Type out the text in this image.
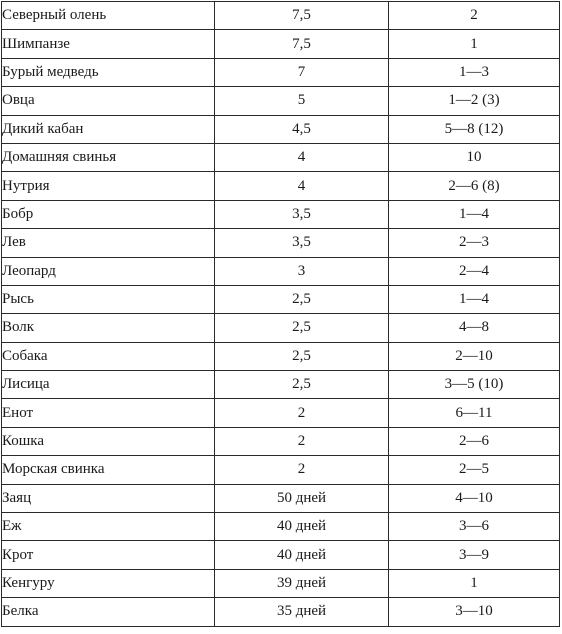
Северный олень	7,5	2
Шимпанзе	7,5	1
Бурый медведь	7	1—3
Овца	5	1—2 (3)
Дикий кабан	4,5	5—8 (12)
Домашняя свинья	4	10
Нутрия	4	2—6 (8)
Бобр	3,5	1—4
Лев	3,5	2—3
Леопард	3	2—4
Рысь	2,5	1—4
Волк	2,5	4—8
Собака	2,5	2—10
Лисица	2,5	3—5 (10)
Енот	2	6—11
Кошка	2	2—6
Морская свинка	2	2—5
Заяц	50 дней	4—10
Еж	40 дней	3—6
Крот	40 дней	3—9
Кенгуру	39 дней	1
Белка	35 дней	3—10
